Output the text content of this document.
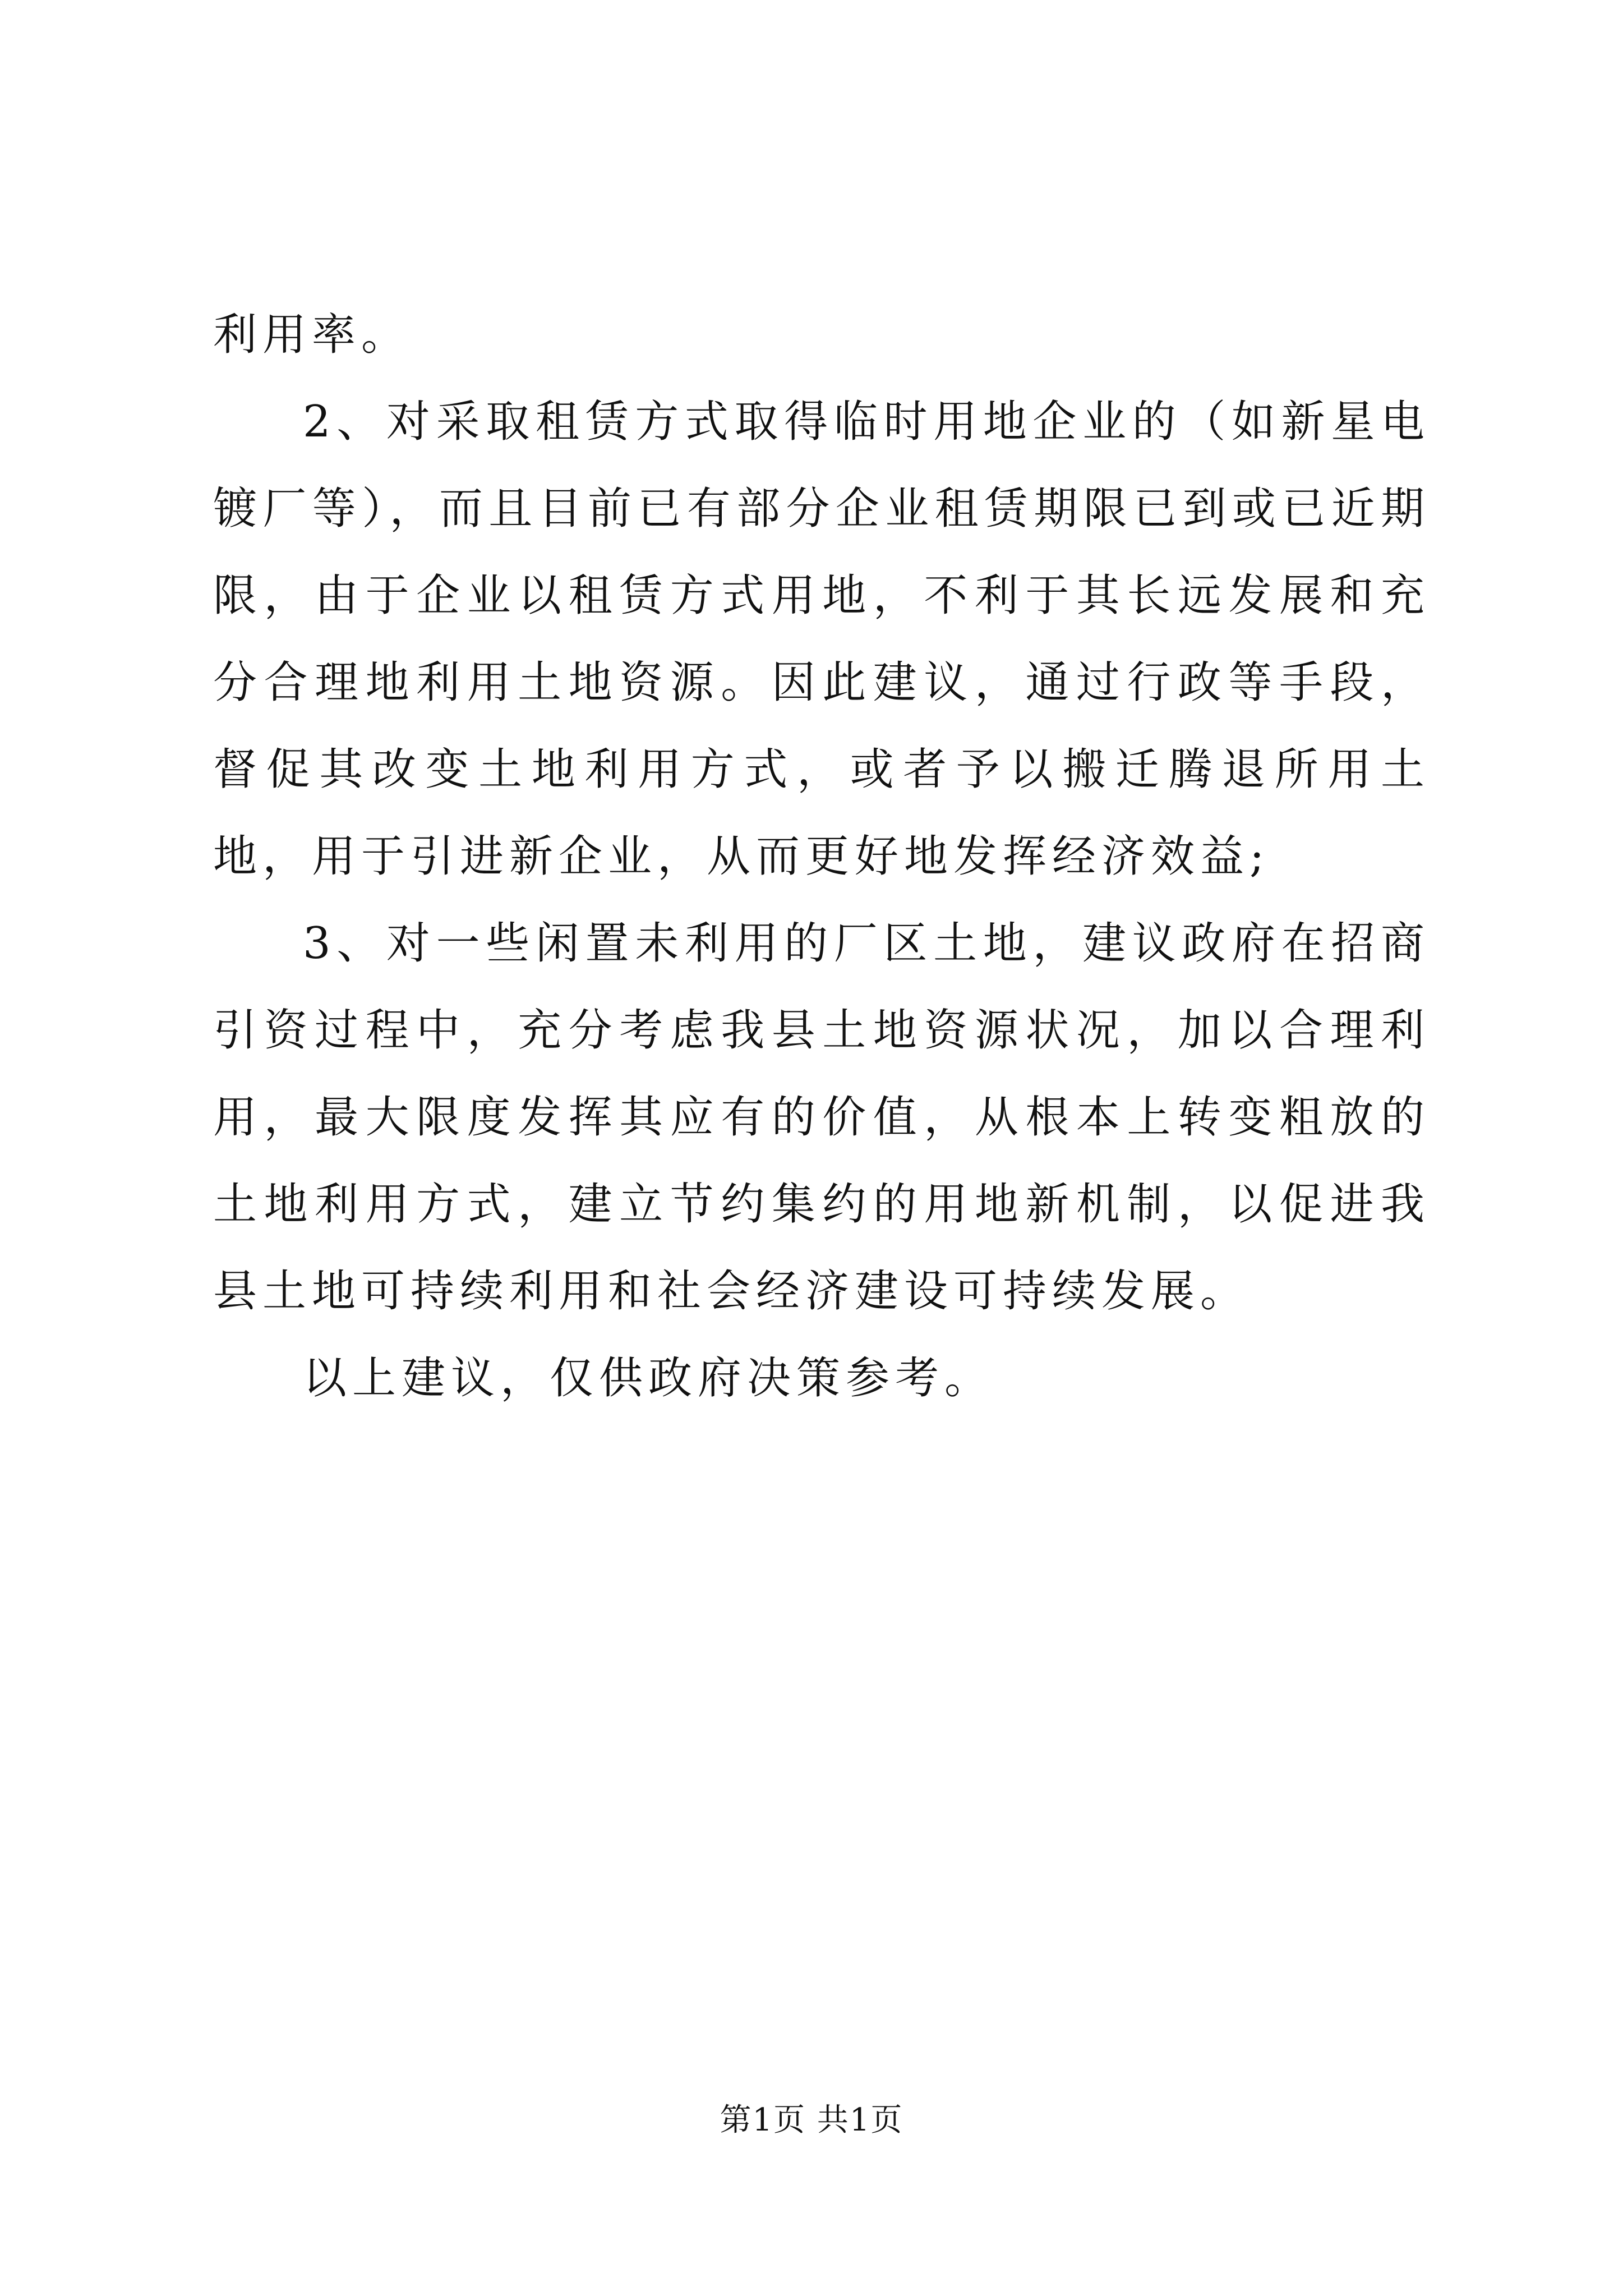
利用率。

2、对采取租赁方式取得临时用地企业的（如新星电镀厂等），而且目前已有部分企业租赁期限已到或已近期限，由于企业以租赁方式用地，不利于其长远发展和充分合理地利用土地资源。因此建议，通过行政等手段，督促其改变土地利用方式，或者予以搬迁腾退所用土地，用于引进新企业，从而更好地发挥经济效益;

3、对一些闲置未利用的厂区土地，建议政府在招商引资过程中，充分考虑我县土地资源状况，加以合理利用，最大限度发挥其应有的价值，从根本上转变粗放的土地利用方式，建立节约集约的用地新机制，以促进我县土地可持续利用和社会经济建设可持续发展。

以上建议，仅供政府决策参考。

第1页 共1页
